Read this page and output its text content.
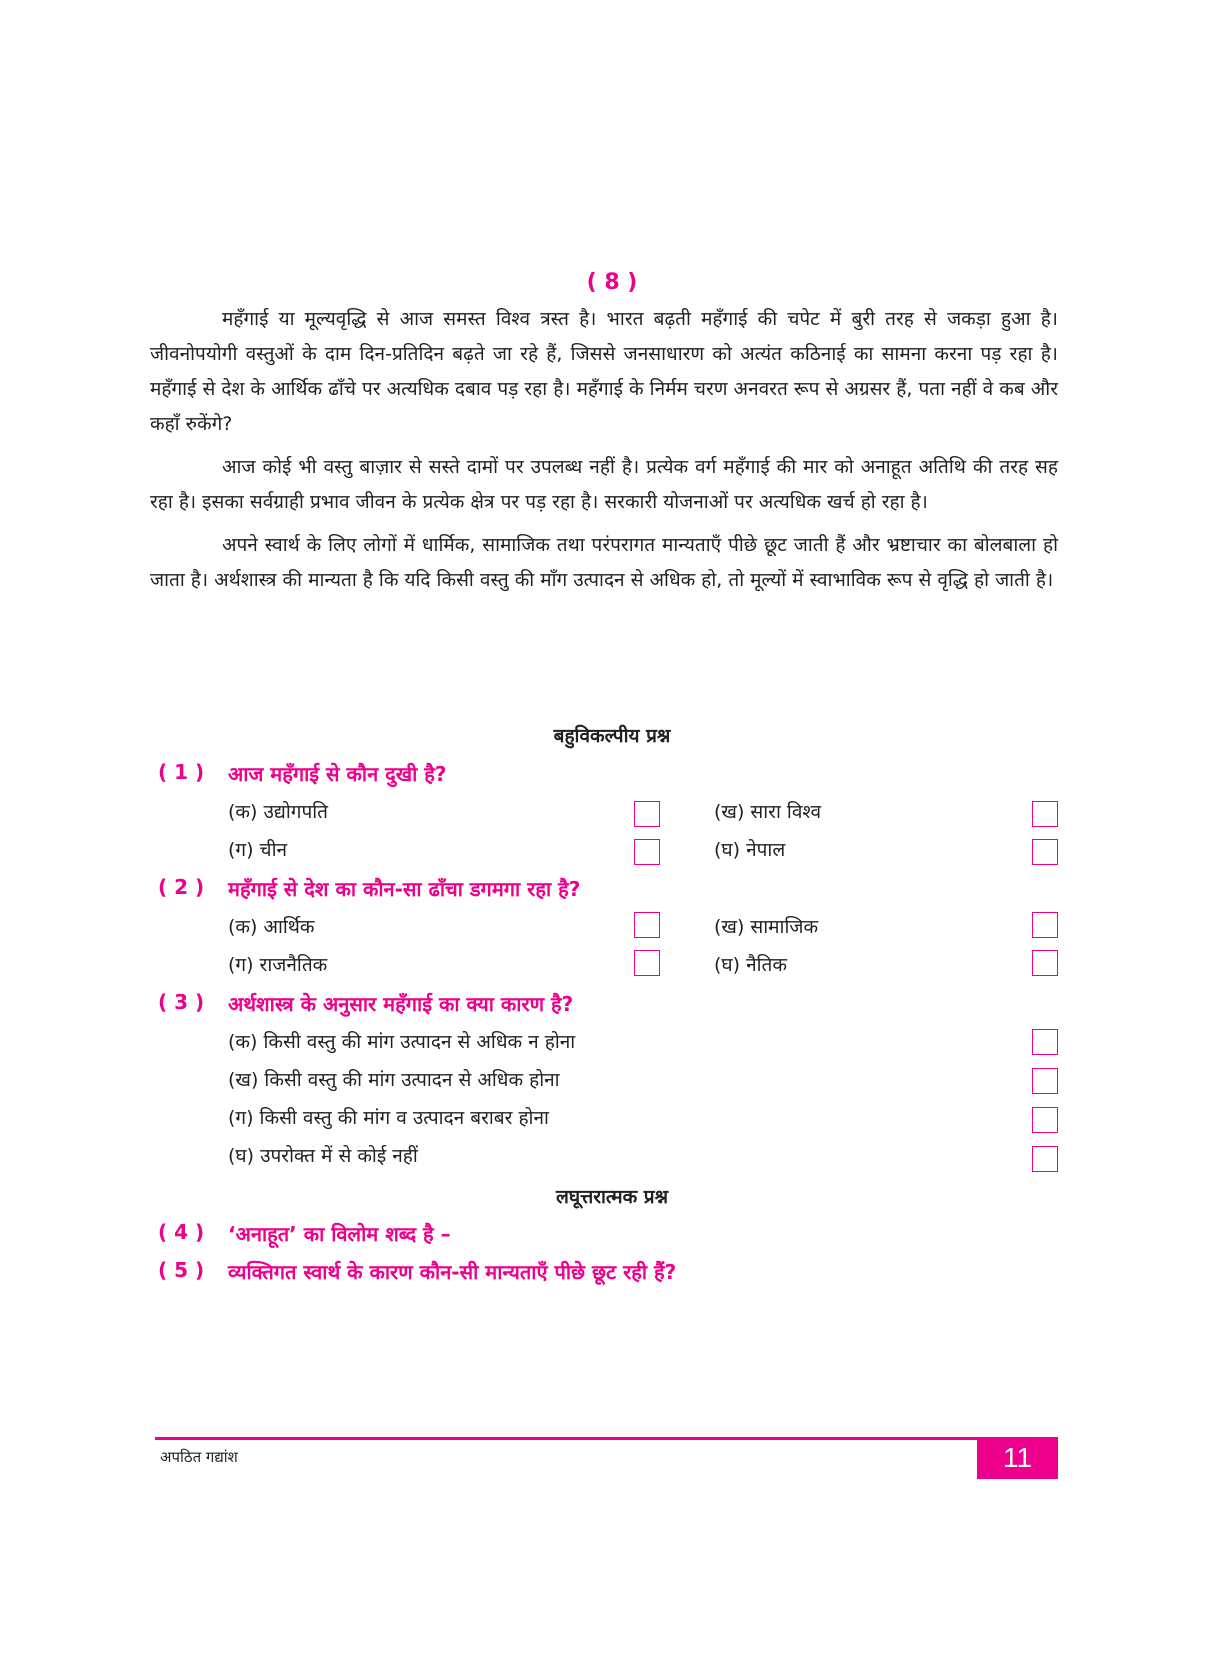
( 8 )

महँगाई या मूल्यवृद्धि से आज समस्त विश्व त्रस्त है। भारत बढ़ती महँगाई की चपेट में बुरी तरह से जकड़ा हुआ है। जीवनोपयोगी वस्तुओं के दाम दिन-प्रतिदिन बढ़ते जा रहे हैं, जिससे जनसाधारण को अत्यंत कठिनाई का सामना करना पड़ रहा है। महँगाई से देश के आर्थिक ढाँचे पर अत्यधिक दबाव पड़ रहा है। महँगाई के निर्मम चरण अनवरत रूप से अग्रसर हैं, पता नहीं वे कब और कहाँ रुकेंगे?

आज कोई भी वस्तु बाज़ार से सस्ते दामों पर उपलब्ध नहीं है। प्रत्येक वर्ग महँगाई की मार को अनाहूत अतिथि की तरह सह रहा है। इसका सर्वग्राही प्रभाव जीवन के प्रत्येक क्षेत्र पर पड़ रहा है। सरकारी योजनाओं पर अत्यधिक खर्च हो रहा है।

अपने स्वार्थ के लिए लोगों में धार्मिक, सामाजिक तथा परंपरागत मान्यताएँ पीछे छूट जाती हैं और भ्रष्टाचार का बोलबाला हो जाता है। अर्थशास्त्र की मान्यता है कि यदि किसी वस्तु की माँग उत्पादन से अधिक हो, तो मूल्यों में स्वाभाविक रूप से वृद्धि हो जाती है।

बहुविकल्पीय प्रश्न
( 1 ) आज महँगाई से कौन दुखी है?
(क) उद्योगपति	(ख) सारा विश्व
(ग) चीन	(घ) नेपाल
( 2 ) महँगाई से देश का कौन-सा ढाँचा डगमगा रहा है?
(क) आर्थिक	(ख) सामाजिक
(ग) राजनैतिक	(घ) नैतिक
( 3 ) अर्थशास्त्र के अनुसार महँगाई का क्या कारण है?
(क) किसी वस्तु की मांग उत्पादन से अधिक न होना
(ख) किसी वस्तु की मांग उत्पादन से अधिक होना
(ग) किसी वस्तु की मांग व उत्पादन बराबर होना
(घ) उपरोक्त में से कोई नहीं
लघूत्तरात्मक प्रश्न
( 4 ) ‘अनाहूत’ का विलोम शब्द है –
( 5 ) व्यक्तिगत स्वार्थ के कारण कौन-सी मान्यताएँ पीछे छूट रही हैं?
अपठित गद्यांश	11
